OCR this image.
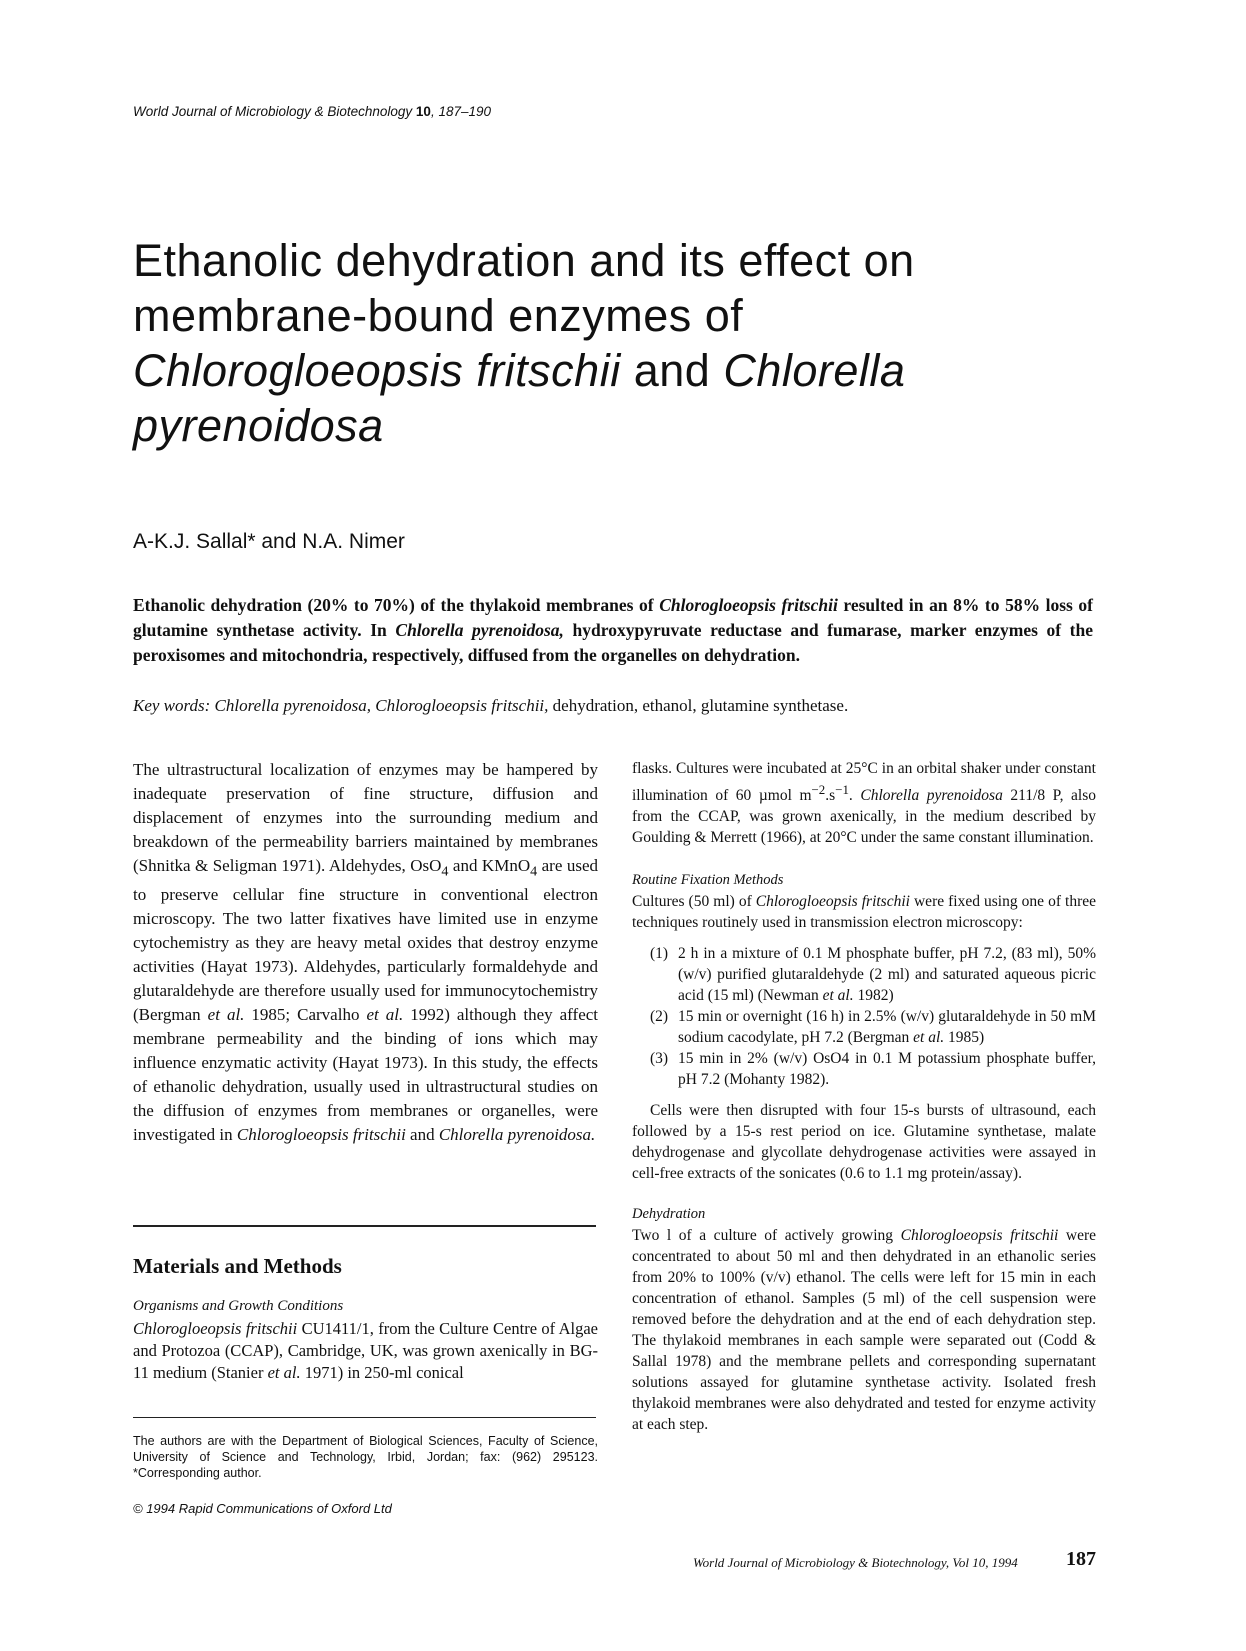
World Journal of Microbiology & Biotechnology 10, 187–190
Ethanolic dehydration and its effect on
membrane-bound enzymes of
Chlorogloeopsis fritschii and Chlorella
pyrenoidosa
A-K.J. Sallal* and N.A. Nimer
Ethanolic dehydration (20% to 70%) of the thylakoid membranes of Chlorogloeopsis fritschii resulted in an 8% to 58% loss of glutamine synthetase activity. In Chlorella pyrenoidosa, hydroxypyruvate reductase and fumarase, marker enzymes of the peroxisomes and mitochondria, respectively, diffused from the organelles on dehydration.
Key words: Chlorella pyrenoidosa, Chlorogloeopsis fritschii, dehydration, ethanol, glutamine synthetase.

The ultrastructural localization of enzymes may be hampered by inadequate preservation of fine structure, diffusion and displacement of enzymes into the surrounding medium and breakdown of the permeability barriers maintained by membranes (Shnitka & Seligman 1971). Aldehydes, OsO$_4$ and KMnO$_4$ are used to preserve cellular fine structure in conventional electron microscopy. The two latter fixatives have limited use in enzyme cytochemistry as they are heavy metal oxides that destroy enzyme activities (Hayat 1973). Aldehydes, particularly formaldehyde and glutaraldehyde are therefore usually used for immunocytochemistry (Bergman et al. 1985; Carvalho et al. 1992) although they affect membrane permeability and the binding of ions which may influence enzymatic activity (Hayat 1973). In this study, the effects of ethanolic dehydration, usually used in ultrastructural studies on the diffusion of enzymes from membranes or organelles, were investigated in Chlorogloeopsis fritschii and Chlorella pyrenoidosa.

Materials and Methods
Organisms and Growth Conditions

Chlorogloeopsis fritschii CU1411/1, from the Culture Centre of Algae and Protozoa (CCAP), Cambridge, UK, was grown axenically in BG-11 medium (Stanier et al. 1971) in 250-ml conical

The authors are with the Department of Biological Sciences, Faculty of Science, University of Science and Technology, Irbid, Jordan; fax: (962) 295123. *Corresponding author.
© 1994 Rapid Communications of Oxford Ltd

flasks. Cultures were incubated at 25°C in an orbital shaker under constant illumination of 60 µmol $m^{-2}.s^{-1}$. Chlorella pyrenoidosa 211/8 P, also from the CCAP, was grown axenically, in the medium described by Goulding & Merrett (1966), at 20°C under the same constant illumination.

Routine Fixation Methods

Cultures (50 ml) of Chlorogloeopsis fritschii were fixed using one of three techniques routinely used in transmission electron microscopy:

(1) 2 h in a mixture of 0.1 M phosphate buffer, pH 7.2, (83 ml), 50% (w/v) purified glutaraldehyde (2 ml) and saturated aqueous picric acid (15 ml) (Newman et al. 1982)
(2) 15 min or overnight (16 h) in 2.5% (w/v) glutaraldehyde in 50 mM sodium cacodylate, pH 7.2 (Bergman et al. 1985)
(3) 15 min in 2% (w/v) OsO4 in 0.1 M potassium phosphate buffer, pH 7.2 (Mohanty 1982).

Cells were then disrupted with four 15-s bursts of ultrasound, each followed by a 15-s rest period on ice. Glutamine synthetase, malate dehydrogenase and glycollate dehydrogenase activities were assayed in cell-free extracts of the sonicates (0.6 to 1.1 mg protein/assay).

Dehydration

Two l of a culture of actively growing Chlorogloeopsis fritschii were concentrated to about 50 ml and then dehydrated in an ethanolic series from 20% to 100% (v/v) ethanol. The cells were left for 15 min in each concentration of ethanol. Samples (5 ml) of the cell suspension were removed before the dehydration and at the end of each dehydration step. The thylakoid membranes in each sample were separated out (Codd & Sallal 1978) and the membrane pellets and corresponding supernatant solutions assayed for glutamine synthetase activity. Isolated fresh thylakoid membranes were also dehydrated and tested for enzyme activity at each step.

World Journal of Microbiology & Biotechnology, Vol 10, 1994 187
